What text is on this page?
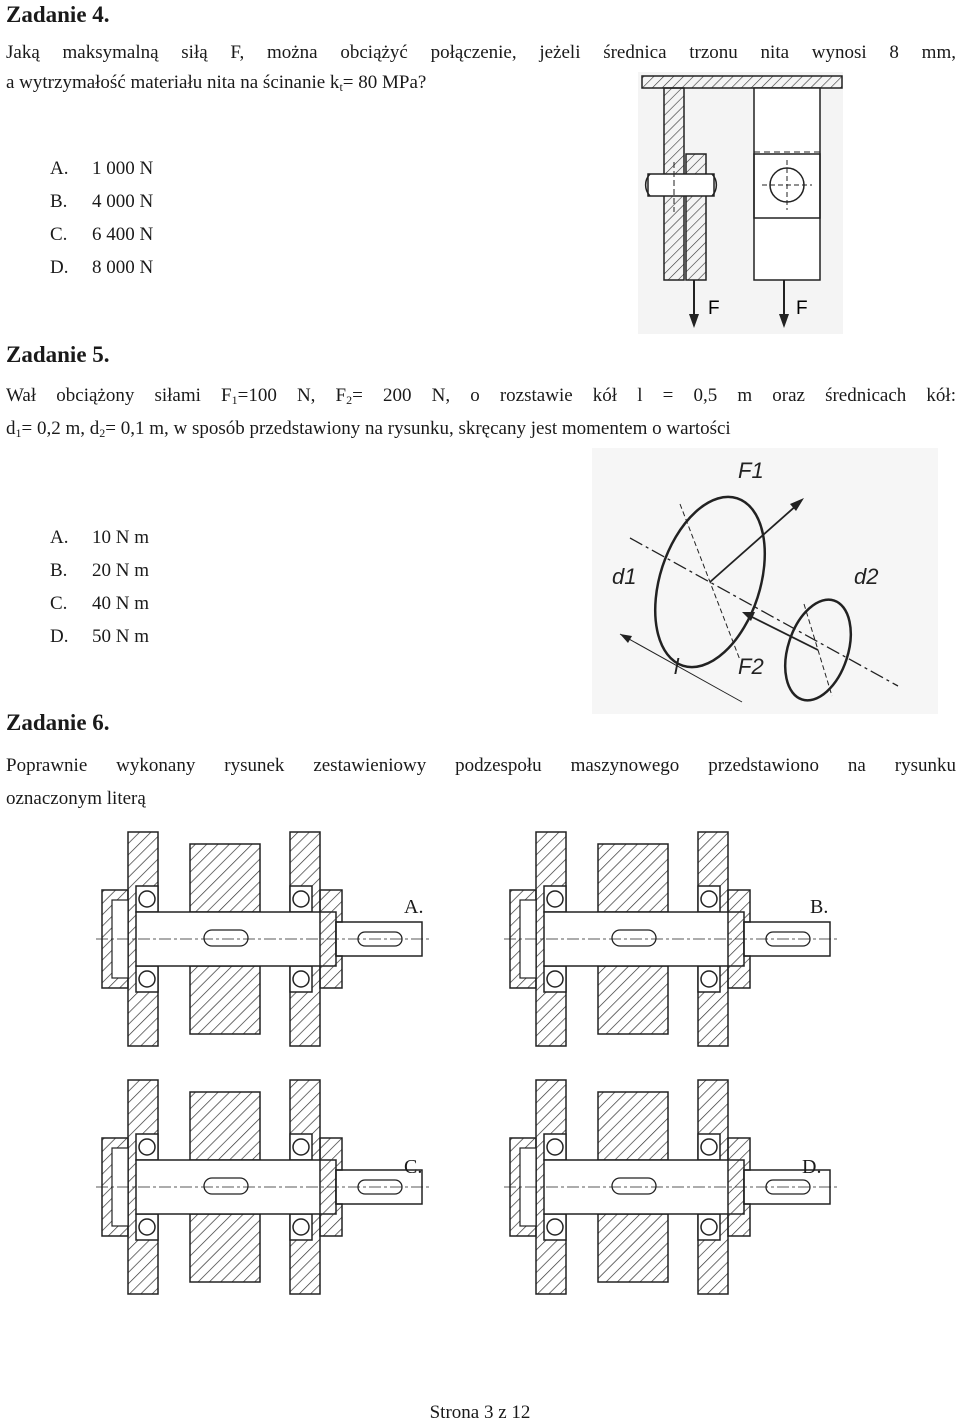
Zadanie 4.
Jaką maksymalną siłą F, można obciążyć połączenie, jeżeli średnica trzonu nita wynosi 8 mm,
a wytrzymałość materiału nita na ścinanie $k_t= 80$ MPa?
A. 1 000 N
B. 4 000 N
C. 6 400 N
D. 8 000 N
F	F
Zadanie 5.
Wał obciążony siłami $F_1=100$ N, $F_2= 200$ N, o rozstawie kół l = 0,5 m oraz średnicach kół:
$d_1= 0,2$ m, $d_2= 0,1$ m, w sposób przedstawiony na rysunku, skręcany jest momentem o wartości
A. 10 N m
B. 20 N m
C. 40 N m
D. 50 N m
F1
d1	d2
l	F2
Zadanie 6.
Poprawnie wykonany rysunek zestawieniowy podzespołu maszynowego przedstawiono na rysunku
oznaczonym literą
A.	B.
C.	D.
Strona 3 z 12
